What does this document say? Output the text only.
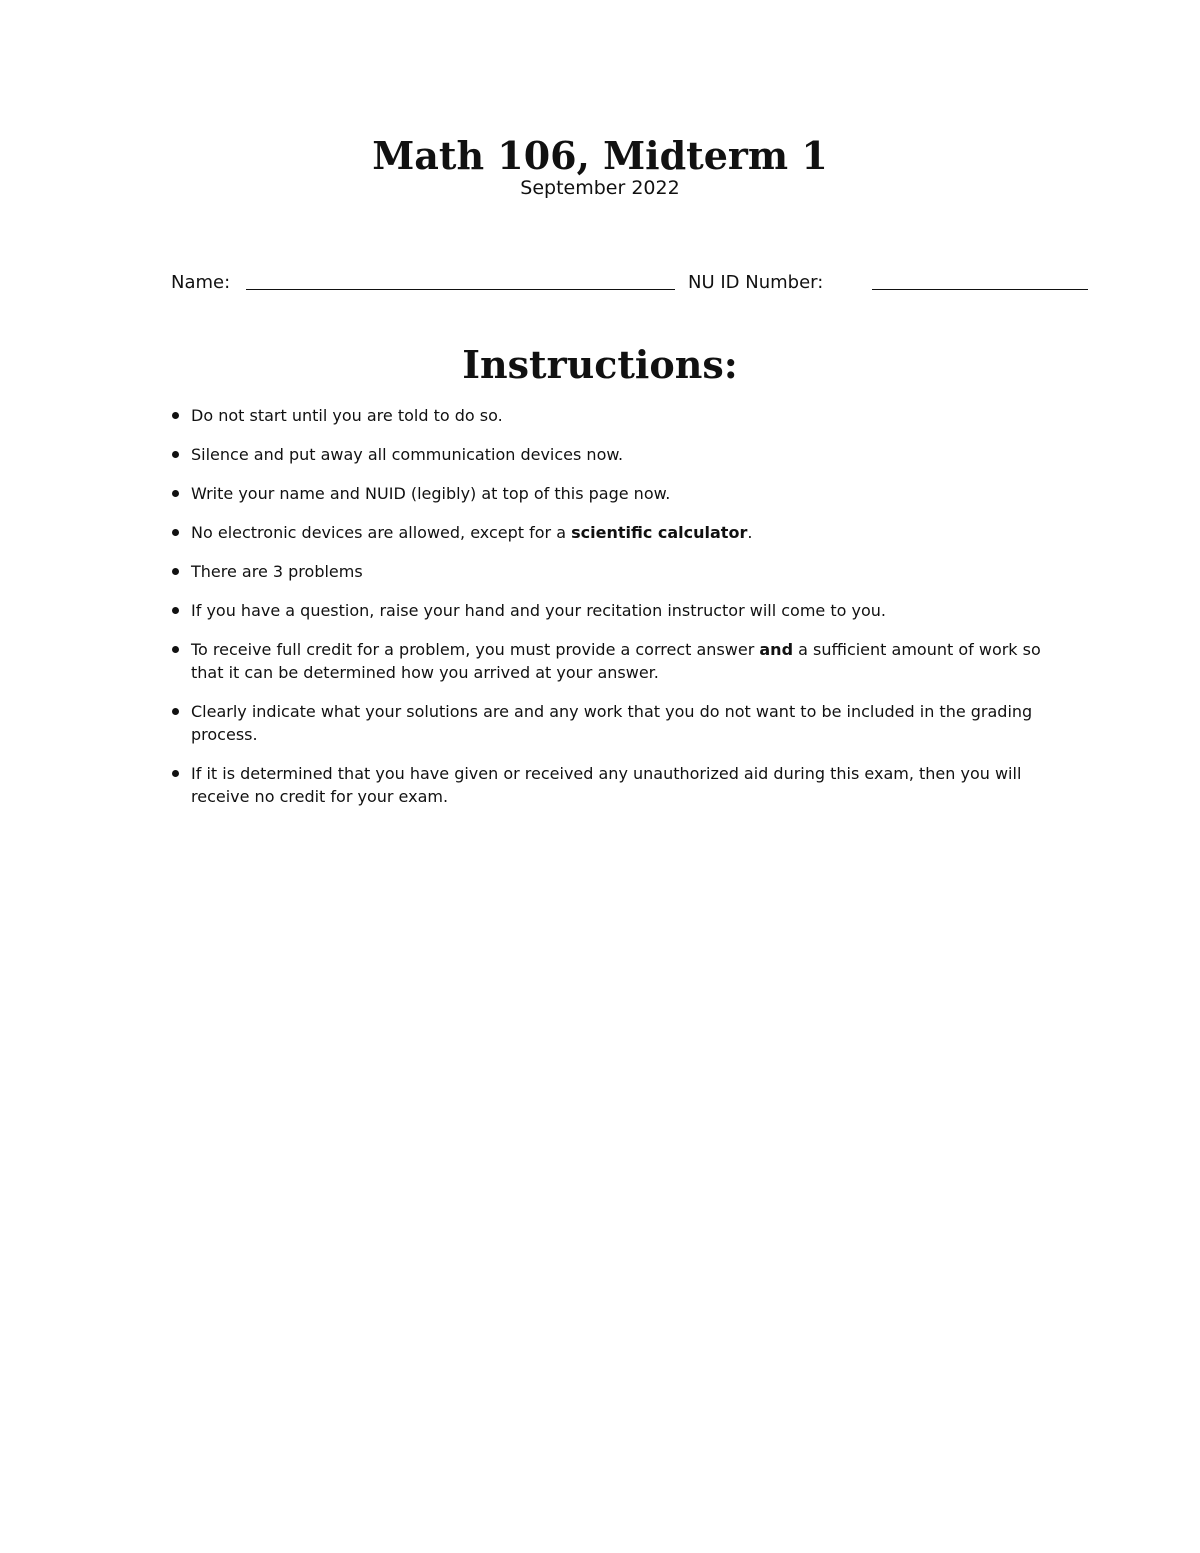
Math 106, Midterm 1
September 2022
Name:	NU ID Number:
Instructions:
Do not start until you are told to do so.
Silence and put away all communication devices now.
Write your name and NUID (legibly) at top of this page now.
No electronic devices are allowed, except for a scientific calculator.
There are 3 problems
If you have a question, raise your hand and your recitation instructor will come to you.
To receive full credit for a problem, you must provide a correct answer and a sufficient amount of work so that it can be determined how you arrived at your answer.
Clearly indicate what your solutions are and any work that you do not want to be included in the grading process.
If it is determined that you have given or received any unauthorized aid during this exam, then you will receive no credit for your exam.
